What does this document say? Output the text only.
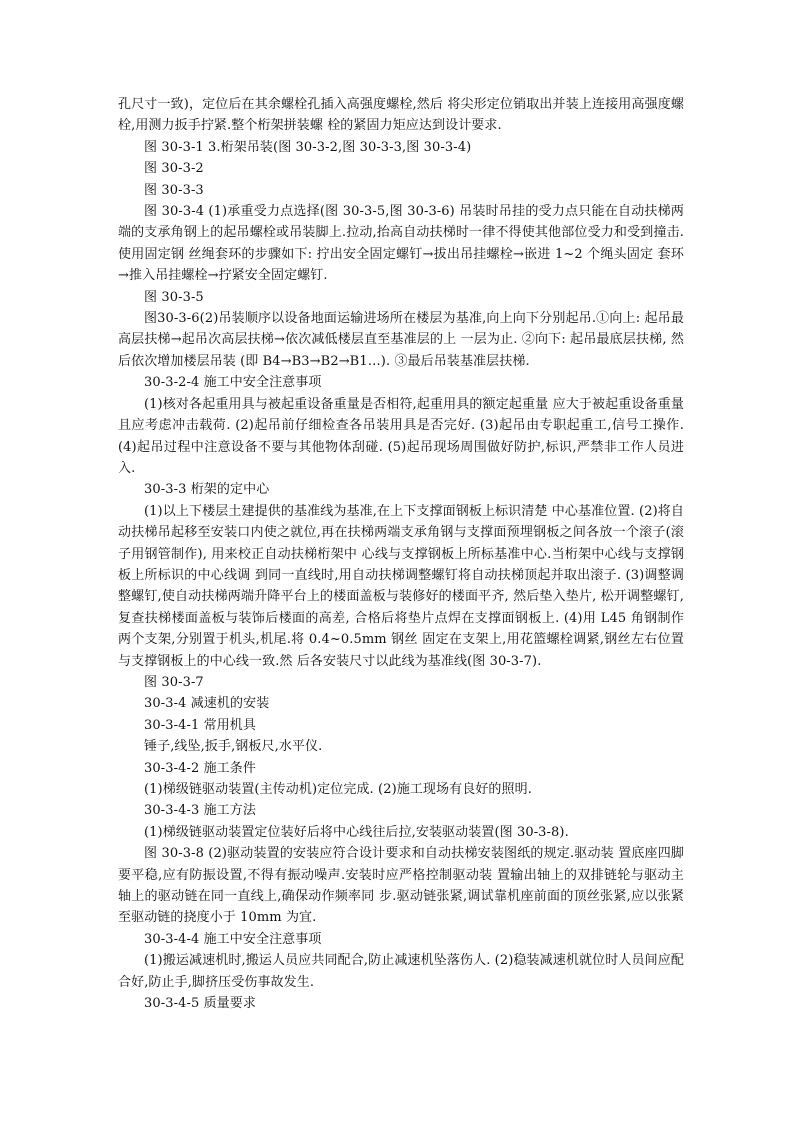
孔尺寸一致)，定位后在其余螺栓孔插入高强度螺栓,然后 将尖形定位销取出并装上连接用高强度螺栓,用测力扳手拧紧.整个桁架拼装螺 栓的紧固力矩应达到设计要求.

图 30-3-1 3.桁架吊装(图 30-3-2,图 30-3-3,图 30-3-4)

图 30-3-2

图 30-3-3

图 30-3-4 (1)承重受力点选择(图 30-3-5,图 30-3-6) 吊装时吊挂的受力点只能在自动扶梯两端的支承角钢上的起吊螺栓或吊装脚上.拉动,抬高自动扶梯时一律不得使其他部位受力和受到撞击.使用固定钢 丝绳套环的步骤如下: 拧出安全固定螺钉→拔出吊挂螺栓→嵌进 1~2 个绳头固定 套环→推入吊挂螺栓→拧紧安全固定螺钉.

图 30-3-5

图30-3-6(2)吊装顺序以设备地面运输进场所在楼层为基准,向上向下分别起吊.①向上: 起吊最高层扶梯→起吊次高层扶梯→依次减低楼层直至基准层的上 一层为止. ②向下: 起吊最底层扶梯, 然后依次增加楼层吊装 (即 B4→B3→B2→B1…). ③最后吊装基准层扶梯.

30-3-2-4 施工中安全注意事项

(1)核对各起重用具与被起重设备重量是否相符,起重用具的额定起重量 应大于被起重设备重量且应考虑冲击载荷. (2)起吊前仔细检查各吊装用具是否完好. (3)起吊由专职起重工,信号工操作. (4)起吊过程中注意设备不要与其他物体刮碰. (5)起吊现场周围做好防护,标识,严禁非工作人员进入.

30-3-3 桁架的定中心

(1)以上下楼层土建提供的基准线为基准,在上下支撑面钢板上标识清楚 中心基准位置. (2)将自动扶梯吊起移至安装口内使之就位,再在扶梯两端支承角钢与支撑面预埋钢板之间各放一个滚子(滚子用钢管制作), 用来校正自动扶梯桁架中 心线与支撑钢板上所标基准中心.当桁架中心线与支撑钢板上所标识的中心线调 到同一直线时,用自动扶梯调整螺钉将自动扶梯顶起并取出滚子. (3)调整调整螺钉,使自动扶梯两端升降平台上的楼面盖板与装修好的楼面平齐, 然后垫入垫片, 松开调整螺钉, 复查扶梯楼面盖板与装饰后楼面的高差, 合格后将垫片点焊在支撑面钢板上. (4)用 L45 角钢制作两个支架,分别置于机头,机尾.将 0.4~0.5mm 钢丝 固定在支架上,用花篮螺栓调紧,钢丝左右位置与支撑钢板上的中心线一致.然 后各安装尺寸以此线为基准线(图 30-3-7).

图 30-3-7

30-3-4 减速机的安装

30-3-4-1 常用机具

锤子,线坠,扳手,钢板尺,水平仪.

30-3-4-2 施工条件

(1)梯级链驱动装置(主传动机)定位完成. (2)施工现场有良好的照明.

30-3-4-3 施工方法

(1)梯级链驱动装置定位装好后将中心线往后拉,安装驱动装置(图 30-3-8).

图 30-3-8 (2)驱动装置的安装应符合设计要求和自动扶梯安装图纸的规定.驱动装 置底座四脚要平稳,应有防振设置,不得有振动噪声.安装时应严格控制驱动装 置输出轴上的双排链轮与驱动主轴上的驱动链在同一直线上,确保动作频率同 步.驱动链张紧,调试靠机座前面的顶丝张紧,应以张紧至驱动链的挠度小于 10mm 为宜.

30-3-4-4 施工中安全注意事项

(1)搬运减速机时,搬运人员应共同配合,防止减速机坠落伤人. (2)稳装减速机就位时人员间应配合好,防止手,脚挤压受伤事故发生.

30-3-4-5 质量要求
